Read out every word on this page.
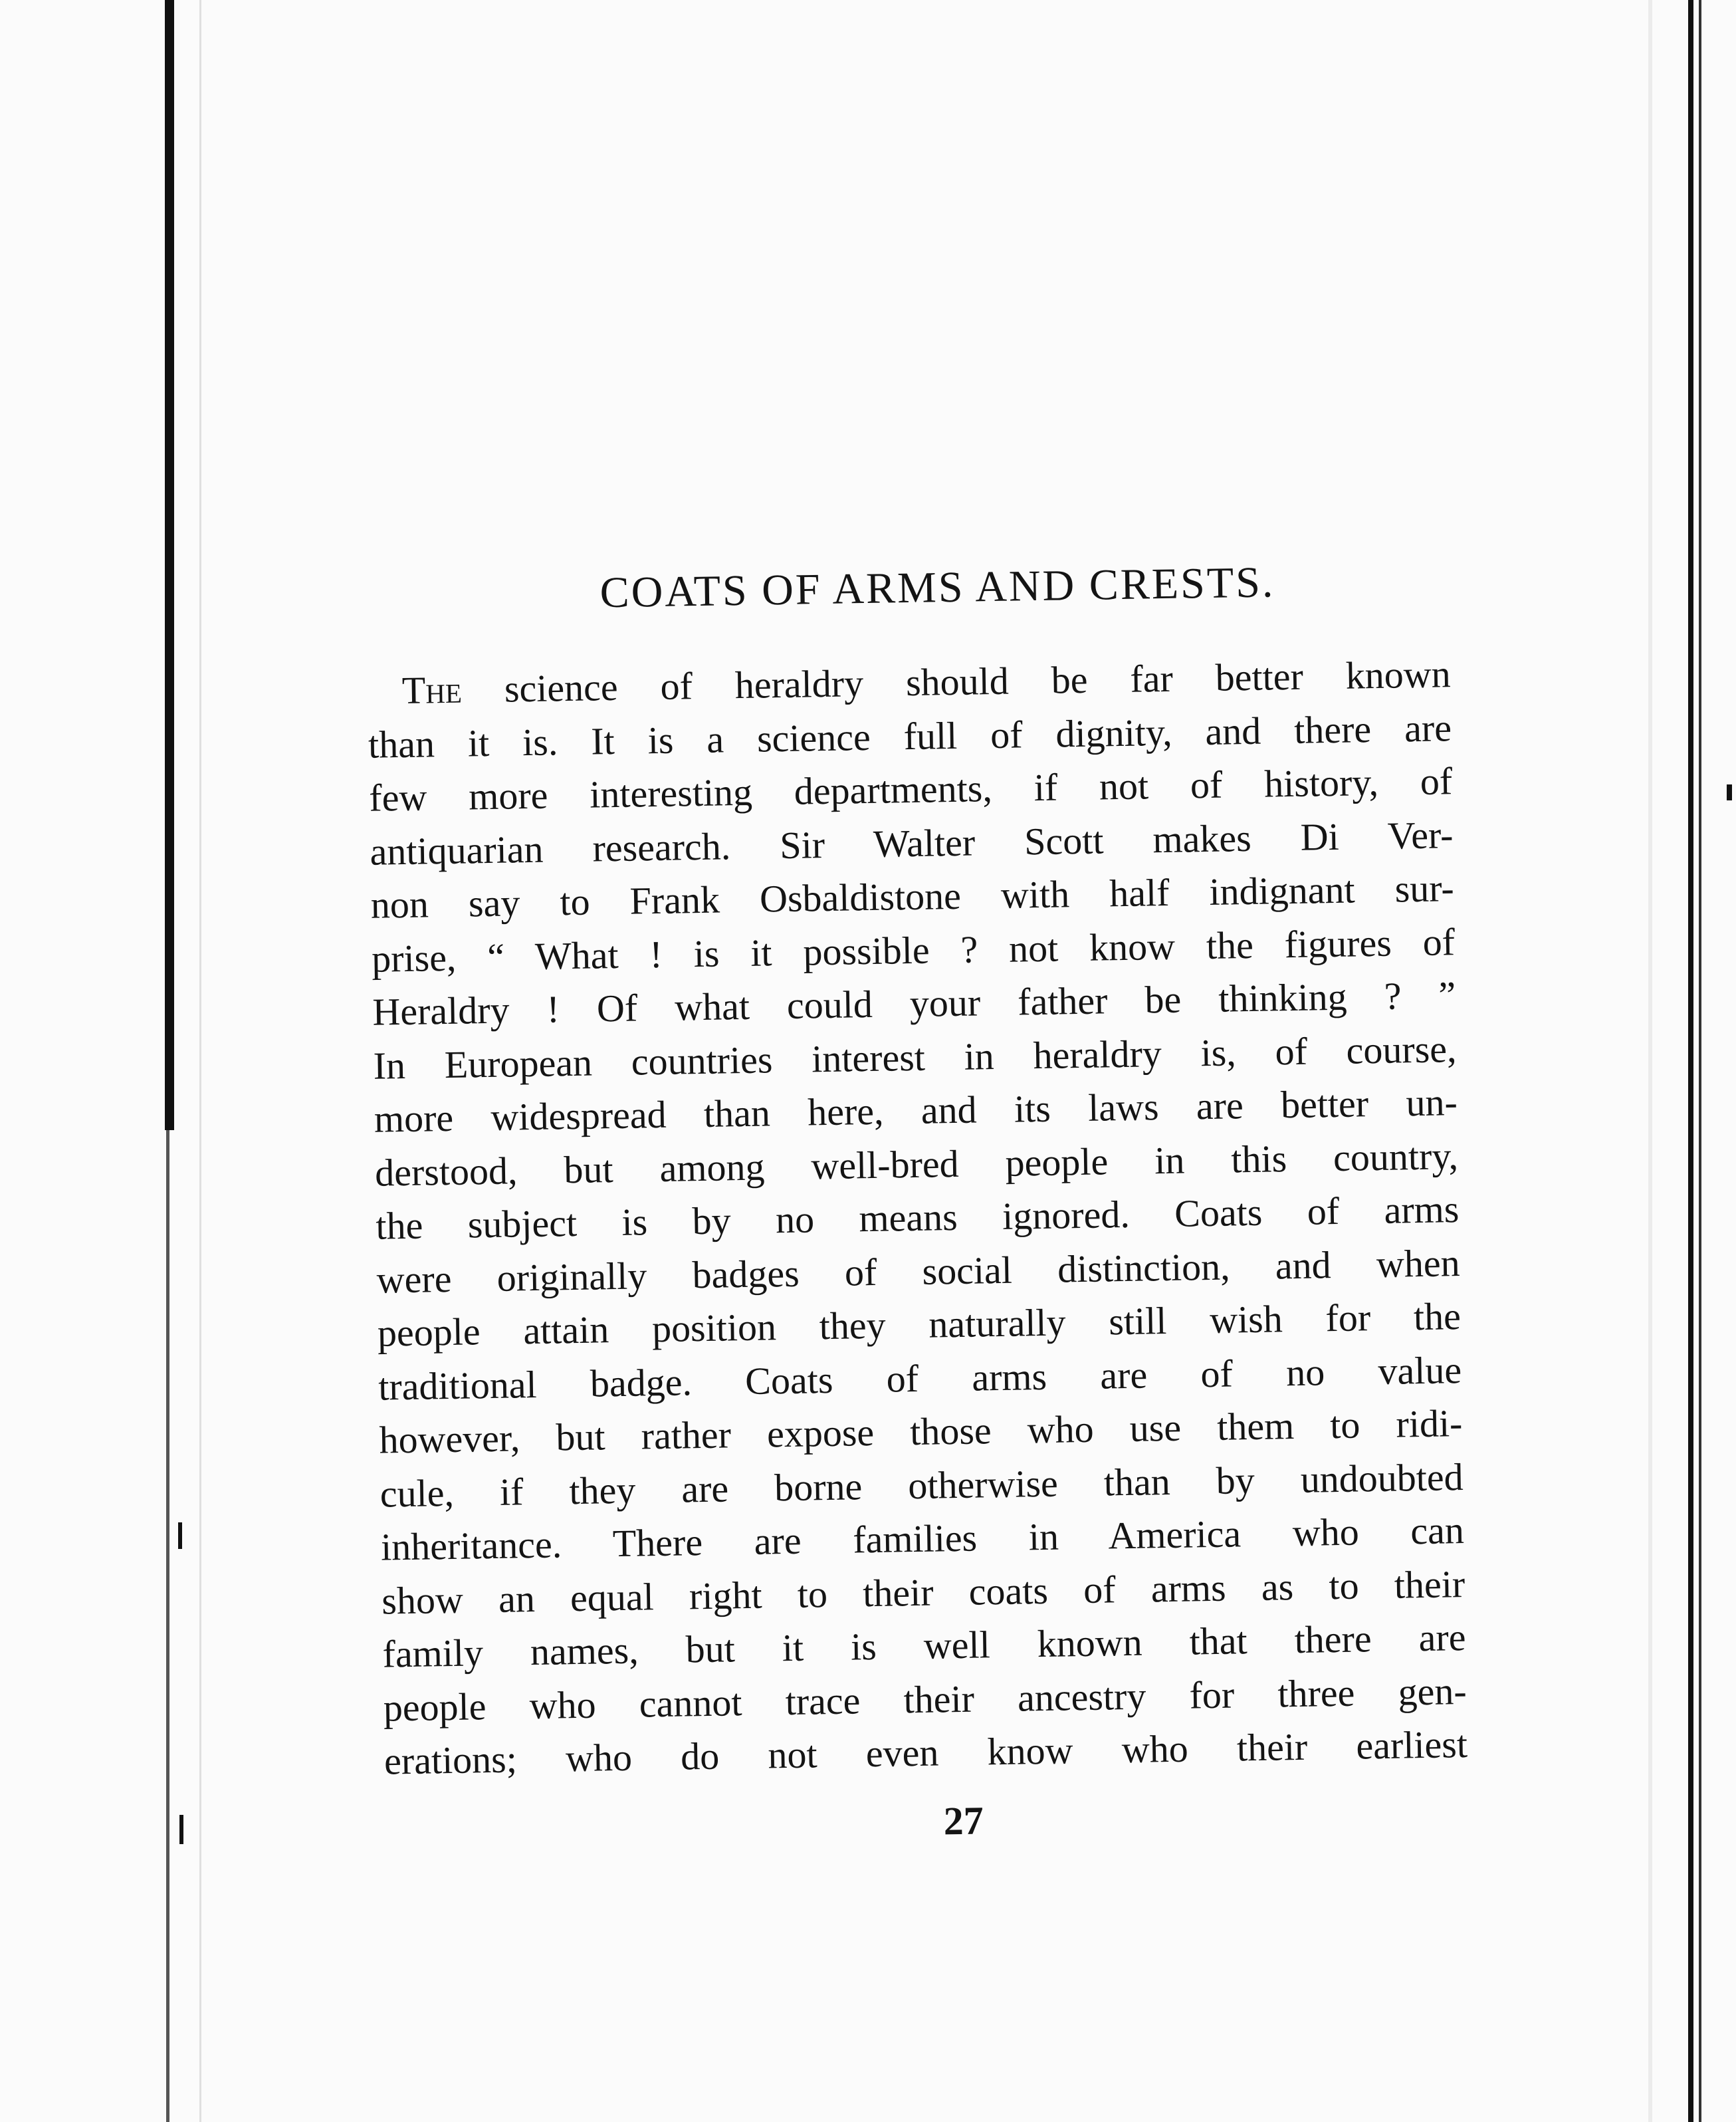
COATS OF ARMS AND CRESTS.
The science of heraldry should be far better known
than it is. It is a science full of dignity, and there are
few more interesting departments, if not of history, of
antiquarian research. Sir Walter Scott makes Di Ver-
non say to Frank Osbaldistone with half indignant sur-
prise, “ What ! is it possible ? not know the figures of
Heraldry ! Of what could your father be thinking ? ”
In European countries interest in heraldry is, of course,
more widespread than here, and its laws are better un-
derstood, but among well-bred people in this country,
the subject is by no means ignored. Coats of arms
were originally badges of social distinction, and when
people attain position they naturally still wish for the
traditional badge. Coats of arms are of no value
however, but rather expose those who use them to ridi-
cule, if they are borne otherwise than by undoubted
inheritance. There are families in America who can
show an equal right to their coats of arms as to their
family names, but it is well known that there are
people who cannot trace their ancestry for three gen-
erations; who do not even know who their earliest
27
